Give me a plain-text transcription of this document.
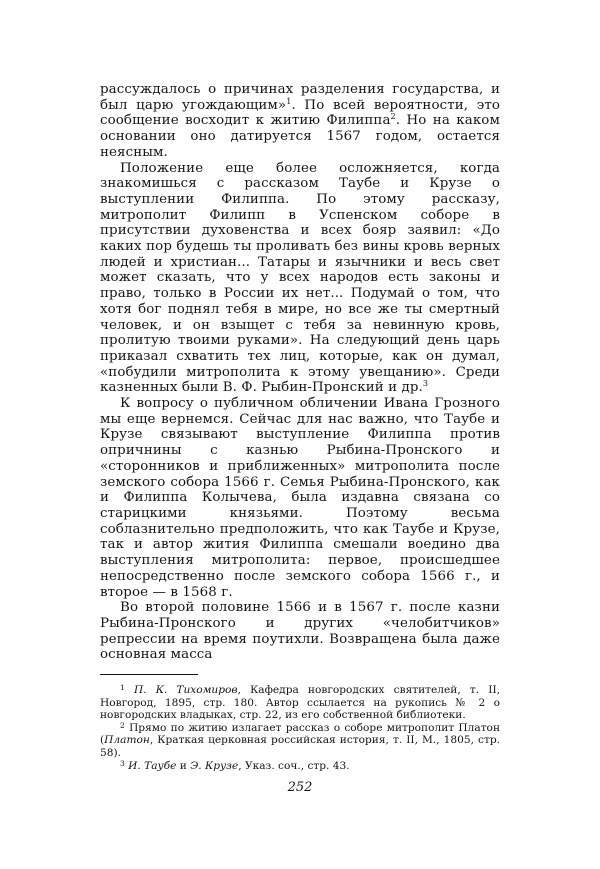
рассуждалось о причинах разделения государства, и был царю угождающим»$^1$. По всей вероятности, это сообщение восходит к житию Филиппа$^2$. Но на каком основании оно датируется 1567 годом, остается неясным.

Положение еще более осложняется, когда знакомишься с рассказом Таубе и Крузе о выступлении Филиппа. По этому рассказу, митрополит Филипп в Успенском соборе в присутствии духовенства и всех бояр заявил: «До каких пор будешь ты проливать без вины кровь верных людей и христиан... Татары и язычники и весь свет может сказать, что у всех народов есть законы и право, только в России их нет... Подумай о том, что хотя бог поднял тебя в мире, но все же ты смертный человек, и он взыщет с тебя за невинную кровь, пролитую твоими руками». На следующий день царь приказал схватить тех лиц, которые, как он думал, «побудили митрополита к этому увещанию». Среди казненных были В. Ф. Рыбин-Пронский и др.$^3$

К вопросу о публичном обличении Ивана Грозного мы еще вернемся. Сейчас для нас важно, что Таубе и Крузе связывают выступление Филиппа против опричнины с казнью Рыбина-Пронского и «сторонников и приближенных» митрополита после земского собора 1566 г. Семья Рыбина-Пронского, как и Филиппа Колычева, была издавна связана со старицкими князьями. Поэтому весьма соблазнительно предположить, что как Таубе и Крузе, так и автор жития Филиппа смешали воедино два выступления митрополита: первое, происшедшее непосредственно после земского собора 1566 г., и второе — в 1568 г.

Во второй половине 1566 и в 1567 г. после казни Рыбина-Пронского и других «челобитчиков» репрессии на время поутихли. Возвращена была даже основная масса

$^1$ П. К. Тихомиров, Кафедра новгородских святителей, т. II, Новгород, 1895, стр. 180. Автор ссылается на рукопись № 2 о новгородских владыках, стр. 22, из его собственной библиотеки.

$^2$ Прямо по житию излагает рассказ о соборе митрополит Платон (Платон, Краткая церковная российская история, т. II, М., 1805, стр. 58).

$^3$ И. Таубе и Э. Крузе, Указ. соч., стр. 43.

252
